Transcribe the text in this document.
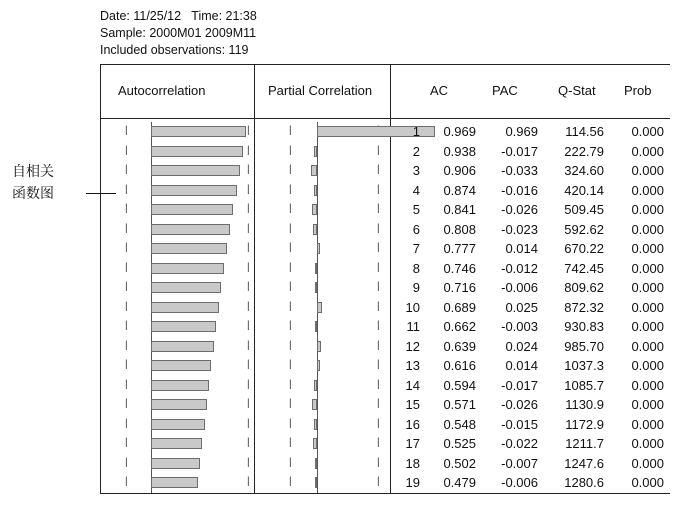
Date: 11/25/12   Time: 21:38
Sample: 2000M01 2009M11
Included observations: 119
自相关
函数图
Autocorrelation	Partial Correlation	AC	PAC	Q-Stat Prob
|	|
|	|
|	|
|	|
|	|
|	|
|	|
|	|
|	|
|	|
|	|
|	|
|	|
|	|
|	|
|	|
|	|
|	|
|	|
|
|	|
|	|
|	|
|	|
|	|
|	|
|	|
|	|
|	|
|	|
|	|
|	|
|	|
|	|
|	|
|	|
|	|
|	|
1	0.969	0.969	114.56	0.000
2	0.938	-0.017	222.79	0.000
3	0.906	-0.033	324.60	0.000
4	0.874	-0.016	420.14	0.000
5	0.841	-0.026	509.45	0.000
6	0.808	-0.023	592.62	0.000
7	0.777	0.014	670.22	0.000
8	0.746	-0.012	742.45	0.000
9	0.716	-0.006	809.62	0.000
10	0.689	0.025	872.32	0.000
11	0.662	-0.003	930.83	0.000
12	0.639	0.024	985.70	0.000
13	0.616	0.014	1037.3	0.000
14	0.594	-0.017	1085.7	0.000
15	0.571	-0.026	1130.9	0.000
16	0.548	-0.015	1172.9	0.000
17	0.525	-0.022	1211.7	0.000
18	0.502	-0.007	1247.6	0.000
19	0.479	-0.006	1280.6	0.000
